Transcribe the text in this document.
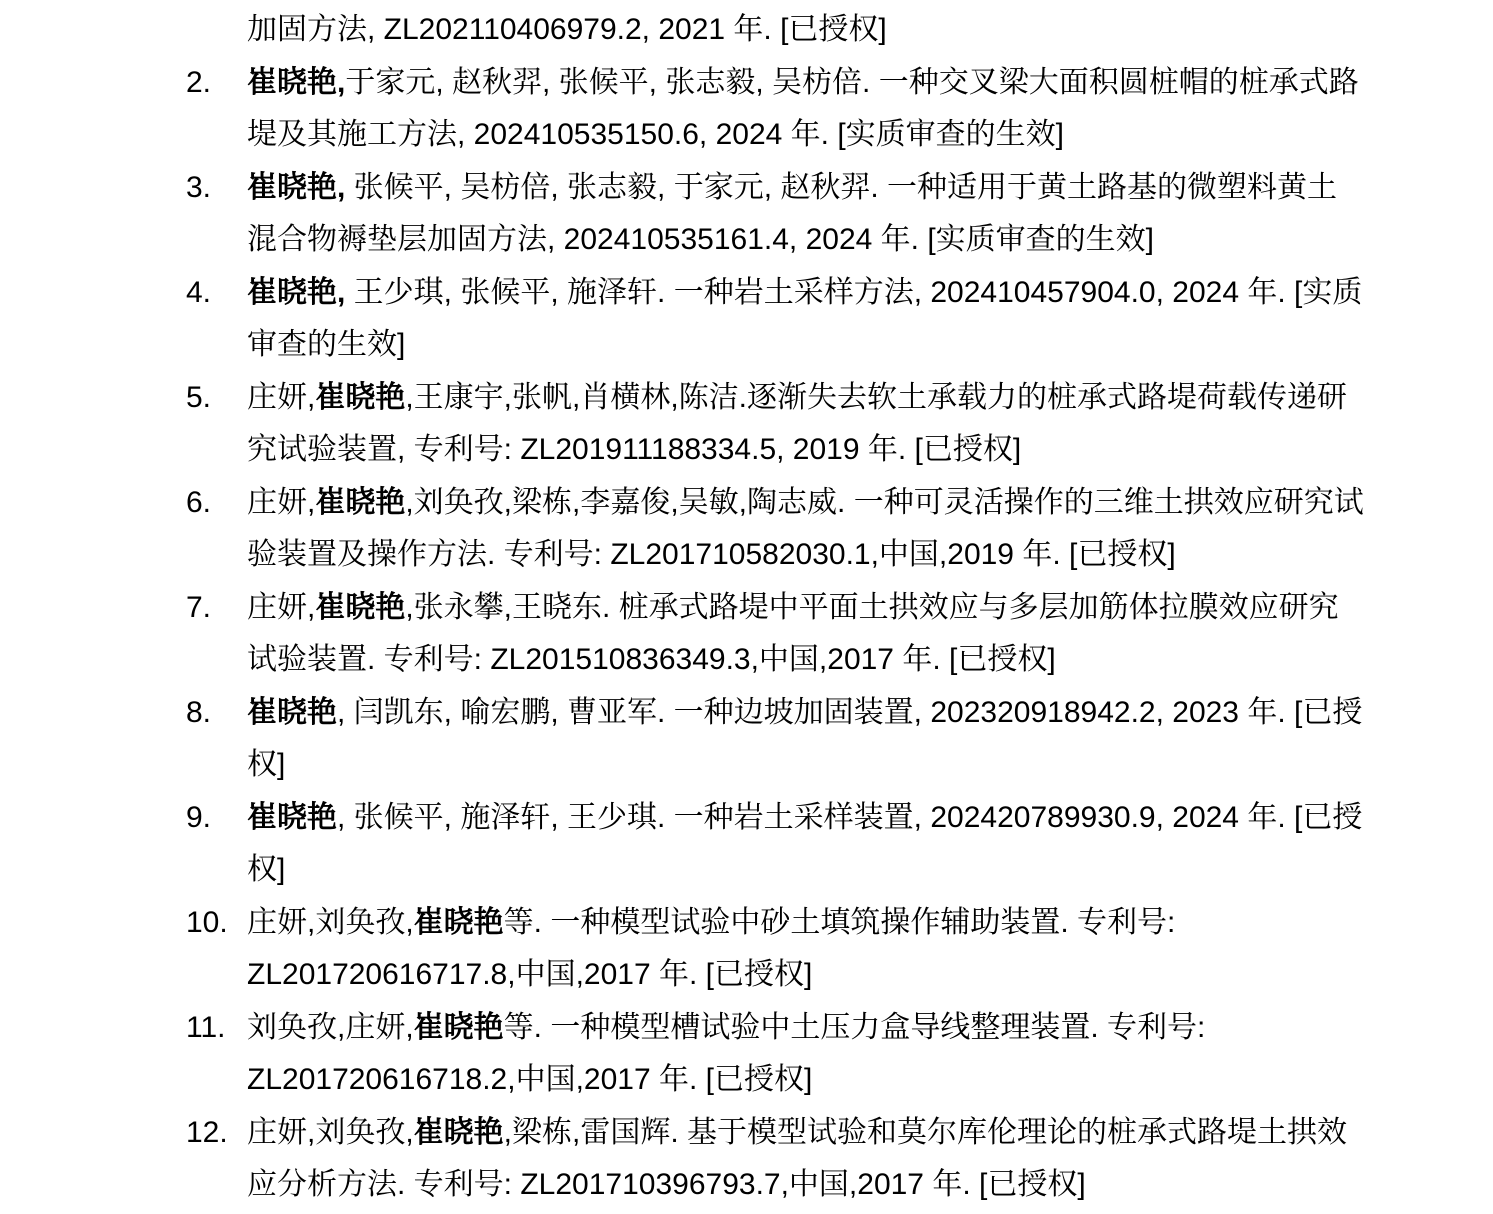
加固方法, ZL202110406979.2, 2021 年. [已授权]
2.	崔晓艳,于家元, 赵秋羿, 张候平, 张志毅, 吴枋倍. 一种交叉梁大面积圆桩帽的桩承式路堤及其施工方法, 202410535150.6, 2024 年. [实质审查的生效]
3.	崔晓艳, 张候平, 吴枋倍, 张志毅, 于家元, 赵秋羿. 一种适用于黄土路基的微塑料黄土混合物褥垫层加固方法, 202410535161.4, 2024 年. [实质审查的生效]
4.	崔晓艳, 王少琪, 张候平, 施泽轩. 一种岩土采样方法, 202410457904.0, 2024 年. [实质审查的生效]
5.	庄妍,崔晓艳,王康宇,张帆,肖横林,陈洁.逐渐失去软土承载力的桩承式路堤荷载传递研究试验装置, 专利号: ZL201911188334.5, 2019 年. [已授权]
6.	庄妍,崔晓艳,刘奂孜,梁栋,李嘉俊,吴敏,陶志威. 一种可灵活操作的三维土拱效应研究试验装置及操作方法. 专利号: ZL201710582030.1,中国,2019 年. [已授权]
7.	庄妍,崔晓艳,张永攀,王晓东. 桩承式路堤中平面土拱效应与多层加筋体拉膜效应研究试验装置. 专利号: ZL201510836349.3,中国,2017 年. [已授权]
8.	崔晓艳, 闫凯东, 喻宏鹏, 曹亚军. 一种边坡加固装置, 202320918942.2, 2023 年. [已授权]
9.	崔晓艳, 张候平, 施泽轩, 王少琪. 一种岩土采样装置, 202420789930.9, 2024 年. [已授权]
10. 庄妍,刘奂孜,崔晓艳等. 一种模型试验中砂土填筑操作辅助装置. 专利号: ZL201720616717.8,中国,2017 年. [已授权]
11. 刘奂孜,庄妍,崔晓艳等. 一种模型槽试验中土压力盒导线整理装置. 专利号: ZL201720616718.2,中国,2017 年. [已授权]
12. 庄妍,刘奂孜,崔晓艳,梁栋,雷国辉. 基于模型试验和莫尔库伦理论的桩承式路堤土拱效应分析方法. 专利号: ZL201710396793.7,中国,2017 年. [已授权]
